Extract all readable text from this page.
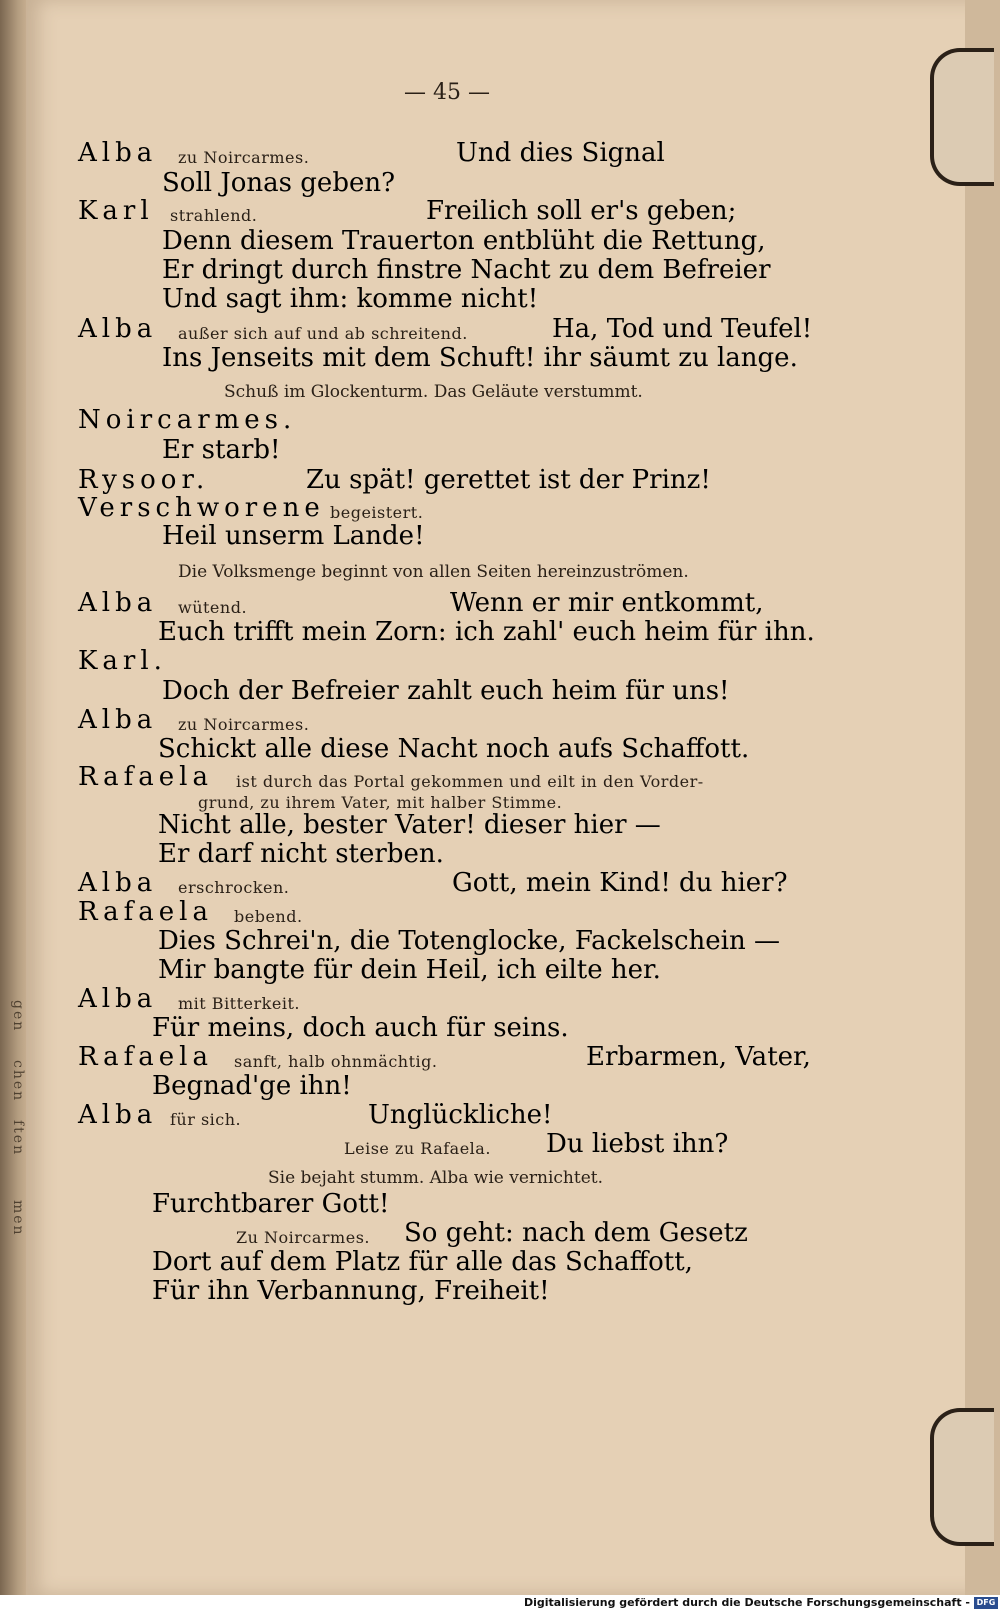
gen
chen
ften
men
— 45 —
Alba zu Noircarmes.	Und dies Signal
Soll Jonas geben?
Karl strahlend.	Freilich soll er's geben;
Denn diesem Trauerton entblüht die Rettung,
Er dringt durch finstre Nacht zu dem Befreier
Und sagt ihm: komme nicht!
Alba außer sich auf und ab schreitend.	Ha, Tod und Teufel!
Ins Jenseits mit dem Schuft! ihr säumt zu lange.
Schuß im Glockenturm. Das Geläute verstummt.
Noircarmes.
Er starb!
Rysoor.	Zu spät! gerettet ist der Prinz!
Verschworene begeistert.
Heil unserm Lande!
Die Volksmenge beginnt von allen Seiten hereinzuströmen.
Alba wütend.	Wenn er mir entkommt,
Euch trifft mein Zorn: ich zahl' euch heim für ihn.
Karl.
Doch der Befreier zahlt euch heim für uns!
Alba zu Noircarmes.
Schickt alle diese Nacht noch aufs Schaffott.
Rafaela ist durch das Portal gekommen und eilt in den Vorder-
grund, zu ihrem Vater, mit halber Stimme.
Nicht alle, bester Vater! dieser hier —
Er darf nicht sterben.
Alba erschrocken.	Gott, mein Kind! du hier?
Rafaela bebend.
Dies Schrei'n, die Totenglocke, Fackelschein —
Mir bangte für dein Heil, ich eilte her.
Alba mit Bitterkeit.
Für meins, doch auch für seins.
Rafaela sanft, halb ohnmächtig.	Erbarmen, Vater,
Begnad'ge ihn!
Alba für sich.	Unglückliche!
Leise zu Rafaela. Du liebst ihn?
Sie bejaht stumm. Alba wie vernichtet.
Furchtbarer Gott!
Zu Noircarmes. So geht: nach dem Gesetz
Dort auf dem Platz für alle das Schaffott,
Für ihn Verbannung, Freiheit!
Digitalisierung gefördert durch die Deutsche Forschungsgemeinschaft - DFG
